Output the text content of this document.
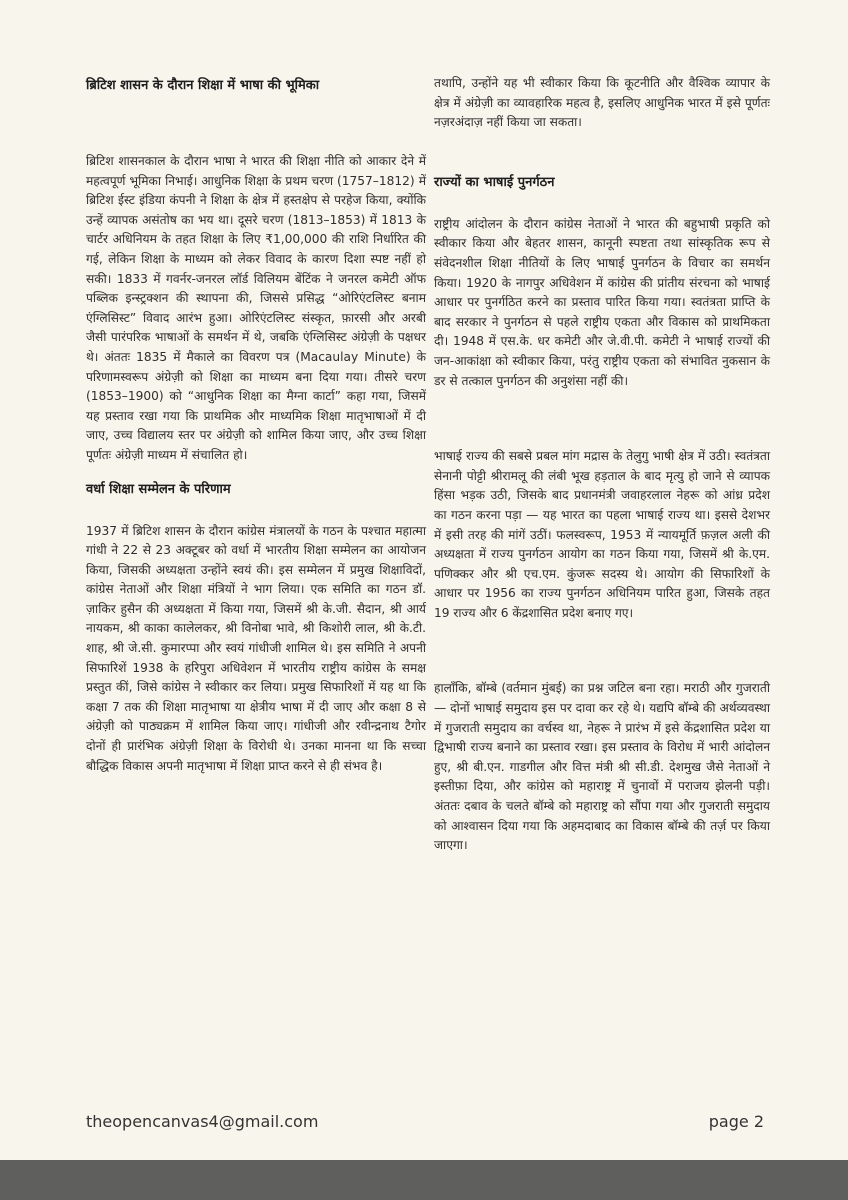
ब्रिटिश शासन के दौरान शिक्षा में भाषा की भूमिका

ब्रिटिश शासनकाल के दौरान भाषा ने भारत की शिक्षा नीति को आकार देने में महत्वपूर्ण भूमिका निभाई। आधुनिक शिक्षा के प्रथम चरण (1757–1812) में ब्रिटिश ईस्ट इंडिया कंपनी ने शिक्षा के क्षेत्र में हस्तक्षेप से परहेज किया, क्योंकि उन्हें व्यापक असंतोष का भय था। दूसरे चरण (1813–1853) में 1813 के चार्टर अधिनियम के तहत शिक्षा के लिए ₹1,00,000 की राशि निर्धारित की गई, लेकिन शिक्षा के माध्यम को लेकर विवाद के कारण दिशा स्पष्ट नहीं हो सकी। 1833 में गवर्नर-जनरल लॉर्ड विलियम बेंटिंक ने जनरल कमेटी ऑफ पब्लिक इन्स्ट्रक्शन की स्थापना की, जिससे प्रसिद्ध “ओरिएंटलिस्ट बनाम एंग्लिसिस्ट” विवाद आरंभ हुआ। ओरिएंटलिस्ट संस्कृत, फ़ारसी और अरबी जैसी पारंपरिक भाषाओं के समर्थन में थे, जबकि एंग्लिसिस्ट अंग्रेज़ी के पक्षधर थे। अंततः 1835 में मैकाले का विवरण पत्र (Macaulay Minute) के परिणामस्वरूप अंग्रेज़ी को शिक्षा का माध्यम बना दिया गया। तीसरे चरण (1853–1900) को “आधुनिक शिक्षा का मैग्ना कार्टा” कहा गया, जिसमें यह प्रस्ताव रखा गया कि प्राथमिक और माध्यमिक शिक्षा मातृभाषाओं में दी जाए, उच्च विद्यालय स्तर पर अंग्रेज़ी को शामिल किया जाए, और उच्च शिक्षा पूर्णतः अंग्रेज़ी माध्यम में संचालित हो।

वर्धा शिक्षा सम्मेलन के परिणाम

1937 में ब्रिटिश शासन के दौरान कांग्रेस मंत्रालयों के गठन के पश्चात महात्मा गांधी ने 22 से 23 अक्टूबर को वर्धा में भारतीय शिक्षा सम्मेलन का आयोजन किया, जिसकी अध्यक्षता उन्होंने स्वयं की। इस सम्मेलन में प्रमुख शिक्षाविदों, कांग्रेस नेताओं और शिक्षा मंत्रियों ने भाग लिया। एक समिति का गठन डॉ. ज़ाकिर हुसैन की अध्यक्षता में किया गया, जिसमें श्री के.जी. सैदान, श्री आर्य नायकम, श्री काका कालेलकर, श्री विनोबा भावे, श्री किशोरी लाल, श्री के.टी. शाह, श्री जे.सी. कुमारप्पा और स्वयं गांधीजी शामिल थे। इस समिति ने अपनी सिफारिशें 1938 के हरिपुरा अधिवेशन में भारतीय राष्ट्रीय कांग्रेस के समक्ष प्रस्तुत कीं, जिसे कांग्रेस ने स्वीकार कर लिया। प्रमुख सिफारिशों में यह था कि कक्षा 7 तक की शिक्षा मातृभाषा या क्षेत्रीय भाषा में दी जाए और कक्षा 8 से अंग्रेज़ी को पाठ्यक्रम में शामिल किया जाए। गांधीजी और रवीन्द्रनाथ टैगोर दोनों ही प्रारंभिक अंग्रेज़ी शिक्षा के विरोधी थे। उनका मानना था कि सच्चा बौद्धिक विकास अपनी मातृभाषा में शिक्षा प्राप्त करने से ही संभव है।

तथापि, उन्होंने यह भी स्वीकार किया कि कूटनीति और वैश्विक व्यापार के क्षेत्र में अंग्रेज़ी का व्यावहारिक महत्व है, इसलिए आधुनिक भारत में इसे पूर्णतः नज़रअंदाज़ नहीं किया जा सकता।

राज्यों का भाषाई पुनर्गठन

राष्ट्रीय आंदोलन के दौरान कांग्रेस नेताओं ने भारत की बहुभाषी प्रकृति को स्वीकार किया और बेहतर शासन, कानूनी स्पष्टता तथा सांस्कृतिक रूप से संवेदनशील शिक्षा नीतियों के लिए भाषाई पुनर्गठन के विचार का समर्थन किया। 1920 के नागपुर अधिवेशन में कांग्रेस की प्रांतीय संरचना को भाषाई आधार पर पुनर्गठित करने का प्रस्ताव पारित किया गया। स्वतंत्रता प्राप्ति के बाद सरकार ने पुनर्गठन से पहले राष्ट्रीय एकता और विकास को प्राथमिकता दी। 1948 में एस.के. धर कमेटी और जे.वी.पी. कमेटी ने भाषाई राज्यों की जन-आकांक्षा को स्वीकार किया, परंतु राष्ट्रीय एकता को संभावित नुकसान के डर से तत्काल पुनर्गठन की अनुशंसा नहीं की।

भाषाई राज्य की सबसे प्रबल मांग मद्रास के तेलुगु भाषी क्षेत्र में उठी। स्वतंत्रता सेनानी पोट्टी श्रीरामलू की लंबी भूख हड़ताल के बाद मृत्यु हो जाने से व्यापक हिंसा भड़क उठी, जिसके बाद प्रधानमंत्री जवाहरलाल नेहरू को आंध्र प्रदेश का गठन करना पड़ा — यह भारत का पहला भाषाई राज्य था। इससे देशभर में इसी तरह की मांगें उठीं। फलस्वरूप, 1953 में न्यायमूर्ति फ़ज़ल अली की अध्यक्षता में राज्य पुनर्गठन आयोग का गठन किया गया, जिसमें श्री के.एम. पणिक्कर और श्री एच.एम. कुंजरू सदस्य थे। आयोग की सिफारिशों के आधार पर 1956 का राज्य पुनर्गठन अधिनियम पारित हुआ, जिसके तहत 19 राज्य और 6 केंद्रशासित प्रदेश बनाए गए।

हालाँकि, बॉम्बे (वर्तमान मुंबई) का प्रश्न जटिल बना रहा। मराठी और गुजराती — दोनों भाषाई समुदाय इस पर दावा कर रहे थे। यद्यपि बॉम्बे की अर्थव्यवस्था में गुजराती समुदाय का वर्चस्व था, नेहरू ने प्रारंभ में इसे केंद्रशासित प्रदेश या द्विभाषी राज्य बनाने का प्रस्ताव रखा। इस प्रस्ताव के विरोध में भारी आंदोलन हुए, श्री बी.एन. गाडगील और वित्त मंत्री श्री सी.डी. देशमुख जैसे नेताओं ने इस्तीफ़ा दिया, और कांग्रेस को महाराष्ट्र में चुनावों में पराजय झेलनी पड़ी। अंततः दबाव के चलते बॉम्बे को महाराष्ट्र को सौंपा गया और गुजराती समुदाय को आश्वासन दिया गया कि अहमदाबाद का विकास बॉम्बे की तर्ज़ पर किया जाएगा।

theopencanvas4@gmail.com	page 2
